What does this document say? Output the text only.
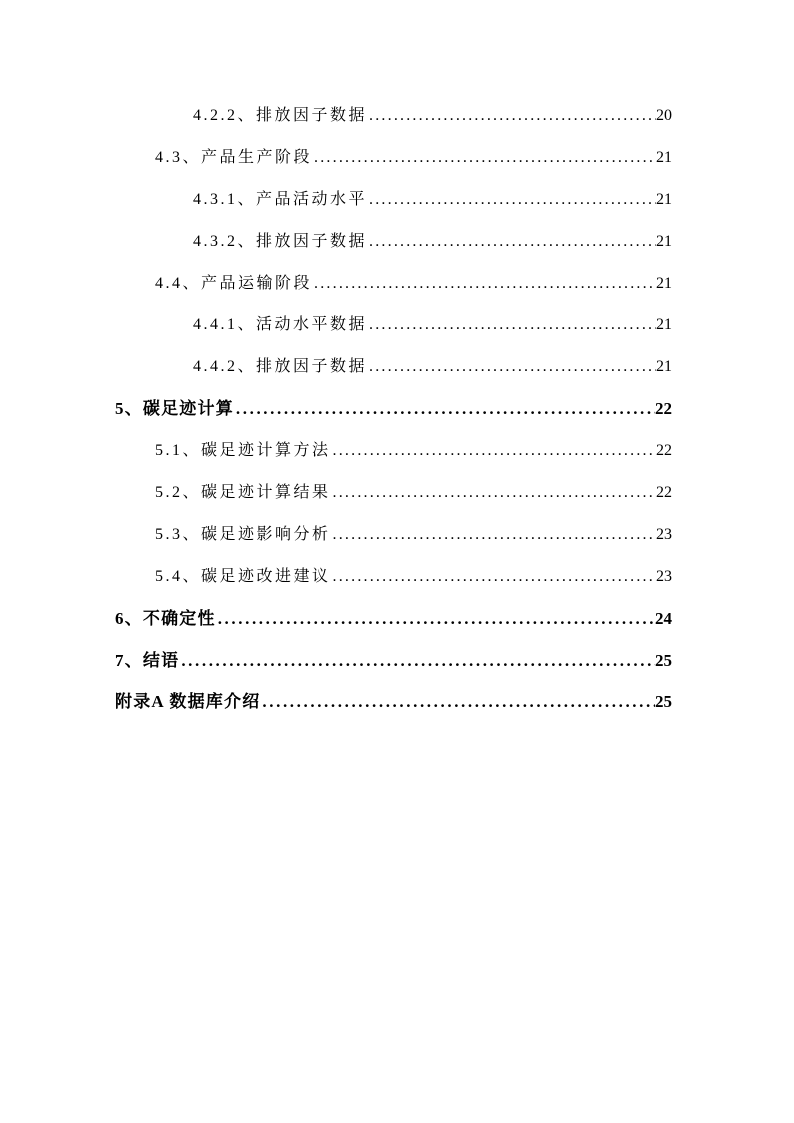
4.2.2、排放因子数据 .....	20
4.3、产品生产阶段 .....	21
4.3.1、产品活动水平 .....	21
4.3.2、排放因子数据 .....	21
4.4、产品运输阶段 .....	21
4.4.1、活动水平数据 .....	21
4.4.2、排放因子数据 .....	21
5、碳足迹计算 .....	22
5.1、碳足迹计算方法 .....	22
5.2、碳足迹计算结果 .....	22
5.3、碳足迹影响分析 .....	23
5.4、碳足迹改进建议 .....	23
6、不确定性 .....	24
7、结语 .....	25
附录A 数据库介绍 .....	25
